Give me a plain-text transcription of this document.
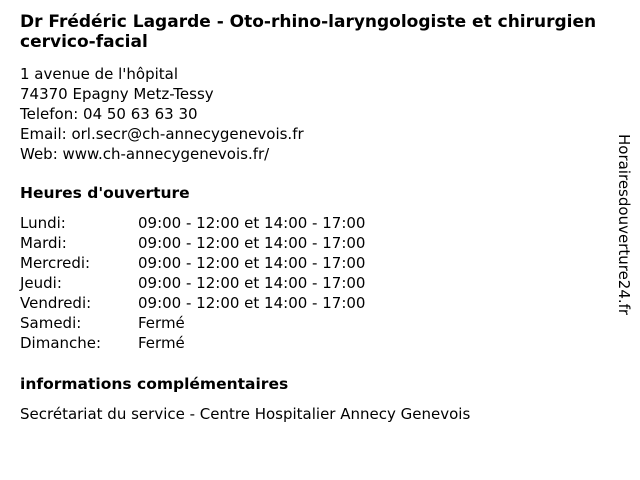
Dr Frédéric Lagarde - Oto-rhino-laryngologiste et chirurgien cervico-facial
1 avenue de l'hôpital
74370 Epagny Metz-Tessy
Telefon: 04 50 63 63 30
Email: orl.secr@ch-annecygenevois.fr
Web: www.ch-annecygenevois.fr/
Heures d'ouverture
Lundi:	09:00 - 12:00 et 14:00 - 17:00
Mardi:	09:00 - 12:00 et 14:00 - 17:00
Mercredi:	09:00 - 12:00 et 14:00 - 17:00
Jeudi:	09:00 - 12:00 et 14:00 - 17:00
Vendredi:	09:00 - 12:00 et 14:00 - 17:00
Samedi:	Fermé
Dimanche:	Fermé
informations complémentaires

Secrétariat du service - Centre Hospitalier Annecy Genevois

Horairesdouverture24.fr
